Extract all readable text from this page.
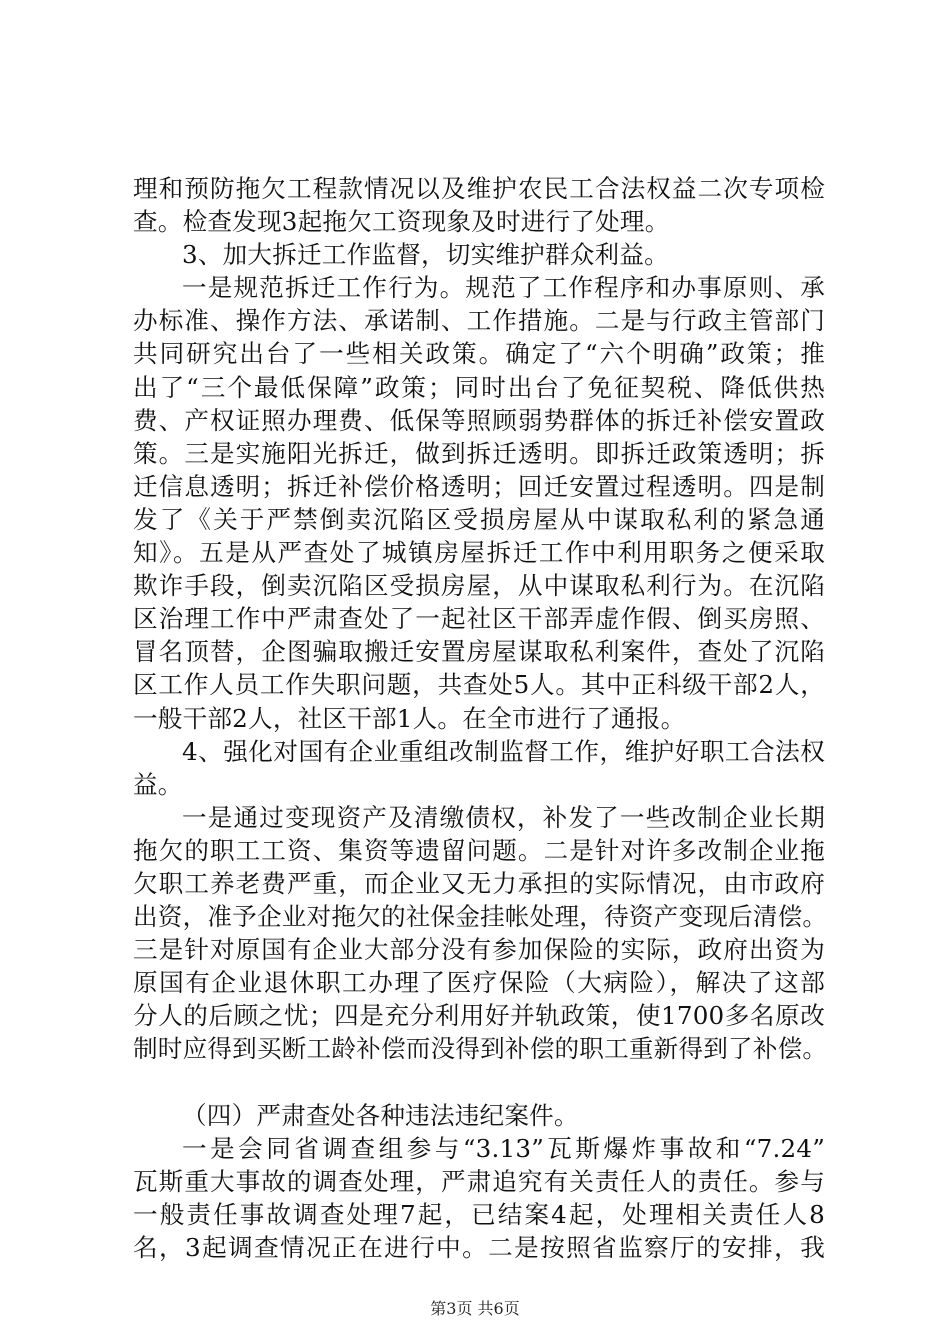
理和预防拖欠工程款情况以及维护农民工合法权益二次专项检
查。检查发现3起拖欠工资现象及时进行了处理。
3、加大拆迁工作监督，切实维护群众利益。
一是规范拆迁工作行为。规范了工作程序和办事原则、承
办标准、操作方法、承诺制、工作措施。二是与行政主管部门
共同研究出台了一些相关政策。确定了“六个明确”政策；推
出了“三个最低保障”政策；同时出台了免征契税、降低供热
费、产权证照办理费、低保等照顾弱势群体的拆迁补偿安置政
策。三是实施阳光拆迁，做到拆迁透明。即拆迁政策透明；拆
迁信息透明；拆迁补偿价格透明；回迁安置过程透明。四是制
发了《关于严禁倒卖沉陷区受损房屋从中谋取私利的紧急通
知》。五是从严查处了城镇房屋拆迁工作中利用职务之便采取
欺诈手段，倒卖沉陷区受损房屋，从中谋取私利行为。在沉陷
区治理工作中严肃查处了一起社区干部弄虚作假、倒买房照、
冒名顶替，企图骗取搬迁安置房屋谋取私利案件，查处了沉陷
区工作人员工作失职问题，共查处5人。其中正科级干部2人，
一般干部2人，社区干部1人。在全市进行了通报。
4、强化对国有企业重组改制监督工作，维护好职工合法权
益。
一是通过变现资产及清缴债权，补发了一些改制企业长期
拖欠的职工工资、集资等遗留问题。二是针对许多改制企业拖
欠职工养老费严重，而企业又无力承担的实际情况，由市政府
出资，准予企业对拖欠的社保金挂帐处理，待资产变现后清偿。
三是针对原国有企业大部分没有参加保险的实际，政府出资为
原国有企业退休职工办理了医疗保险（大病险），解决了这部
分人的后顾之忧；四是充分利用好并轨政策，使1700多名原改
制时应得到买断工龄补偿而没得到补偿的职工重新得到了补偿。
（四）严肃查处各种违法违纪案件。
一是会同省调查组参与“3.13”瓦斯爆炸事故和“7.24”
瓦斯重大事故的调查处理，严肃追究有关责任人的责任。参与
一般责任事故调查处理7起，已结案4起，处理相关责任人8
名，3起调查情况正在进行中。二是按照省监察厅的安排，我
第3页 共6页
